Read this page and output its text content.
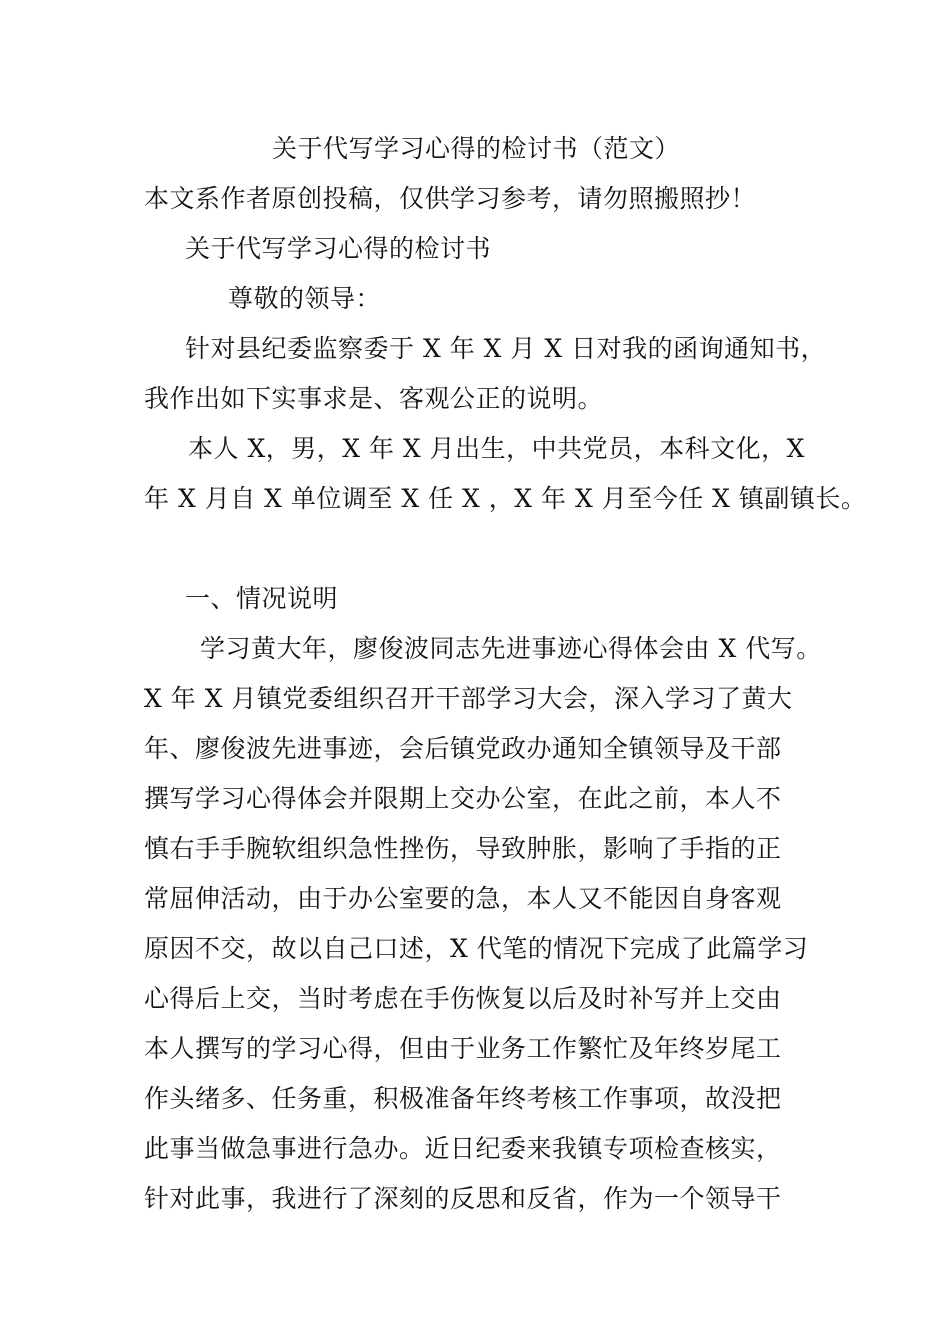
关于代写学习心得的检讨书（范文）
本文系作者原创投稿，仅供学习参考，请勿照搬照抄！
关于代写学习心得的检讨书
尊敬的领导：
针对县纪委监察委于 X 年 X 月 X 日对我的函询通知书，
我作出如下实事求是、客观公正的说明。
本人 X，男，X 年 X 月出生，中共党员，本科文化，X
年 X 月自 X 单位调至 X 任 X ，X 年 X 月至今任 X 镇副镇长。
一、情况说明
学习黄大年，廖俊波同志先进事迹心得体会由 X 代写。
X 年 X 月镇党委组织召开干部学习大会，深入学习了黄大
年、廖俊波先进事迹，会后镇党政办通知全镇领导及干部
撰写学习心得体会并限期上交办公室，在此之前，本人不
慎右手手腕软组织急性挫伤，导致肿胀，影响了手指的正
常屈伸活动，由于办公室要的急，本人又不能因自身客观
原因不交，故以自己口述，X 代笔的情况下完成了此篇学习
心得后上交，当时考虑在手伤恢复以后及时补写并上交由
本人撰写的学习心得，但由于业务工作繁忙及年终岁尾工
作头绪多、任务重，积极准备年终考核工作事项，故没把
此事当做急事进行急办。近日纪委来我镇专项检查核实，
针对此事，我进行了深刻的反思和反省，作为一个领导干
